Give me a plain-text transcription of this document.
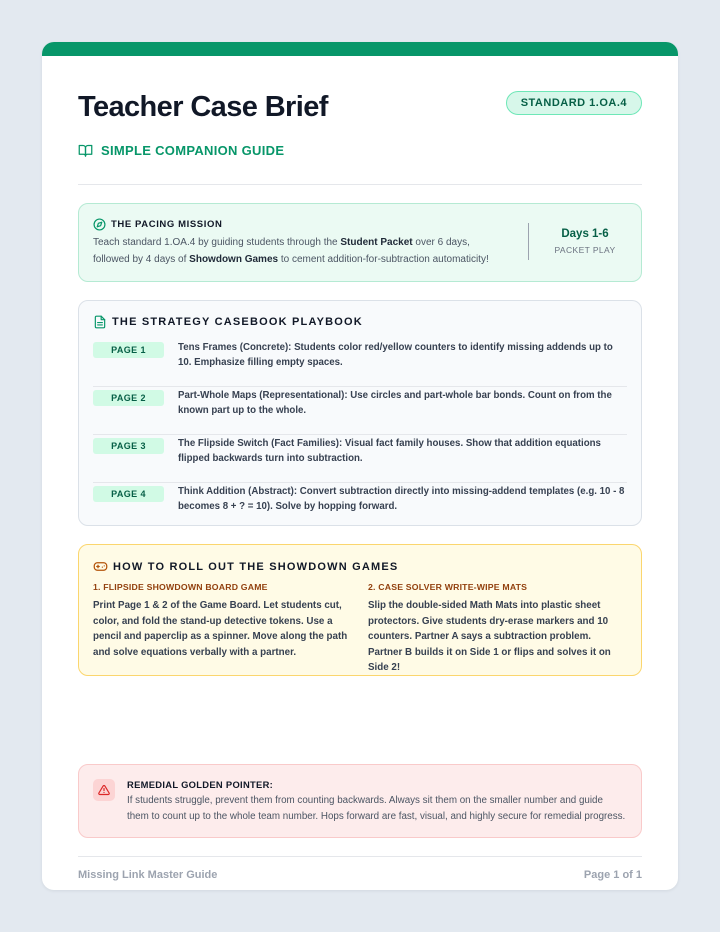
Teacher Case Brief
SIMPLE COMPANION GUIDE
STANDARD 1.OA.4
THE PACING MISSION

Teach standard 1.OA.4 by guiding students through the Student Packet over 6 days, followed by 4 days of Showdown Games to cement addition-for-subtraction automaticity!

Days 1-6
PACKET PLAY
THE STRATEGY CASEBOOK PLAYBOOK
PAGE 1	Tens Frames (Concrete): Students color red/yellow counters to identify missing addends up to 10. Emphasize filling empty spaces.
PAGE 2	Part-Whole Maps (Representational): Use circles and part-whole bar bonds. Count on from the known part up to the whole.
PAGE 3	The Flipside Switch (Fact Families): Visual fact family houses. Show that addition equations flipped backwards turn into subtraction.
PAGE 4	Think Addition (Abstract): Convert subtraction directly into missing-addend templates (e.g. 10 - 8 becomes 8 + ? = 10). Solve by hopping forward.
HOW TO ROLL OUT THE SHOWDOWN GAMES
1. FLIPSIDE SHOWDOWN BOARD GAME
Print Page 1 & 2 of the Game Board. Let students cut, color, and fold the stand-up detective tokens. Use a pencil and paperclip as a spinner. Move along the path and solve equations verbally with a partner.
2. CASE SOLVER WRITE-WIPE MATS
Slip the double-sided Math Mats into plastic sheet protectors. Give students dry-erase markers and 10 counters. Partner A says a subtraction problem. Partner B builds it on Side 1 or flips and solves it on Side 2!
REMEDIAL GOLDEN POINTER:
If students struggle, prevent them from counting backwards. Always sit them on the smaller number and guide them to count up to the whole team number. Hops forward are fast, visual, and highly secure for remedial progress.
Missing Link Master Guide	Page 1 of 1
